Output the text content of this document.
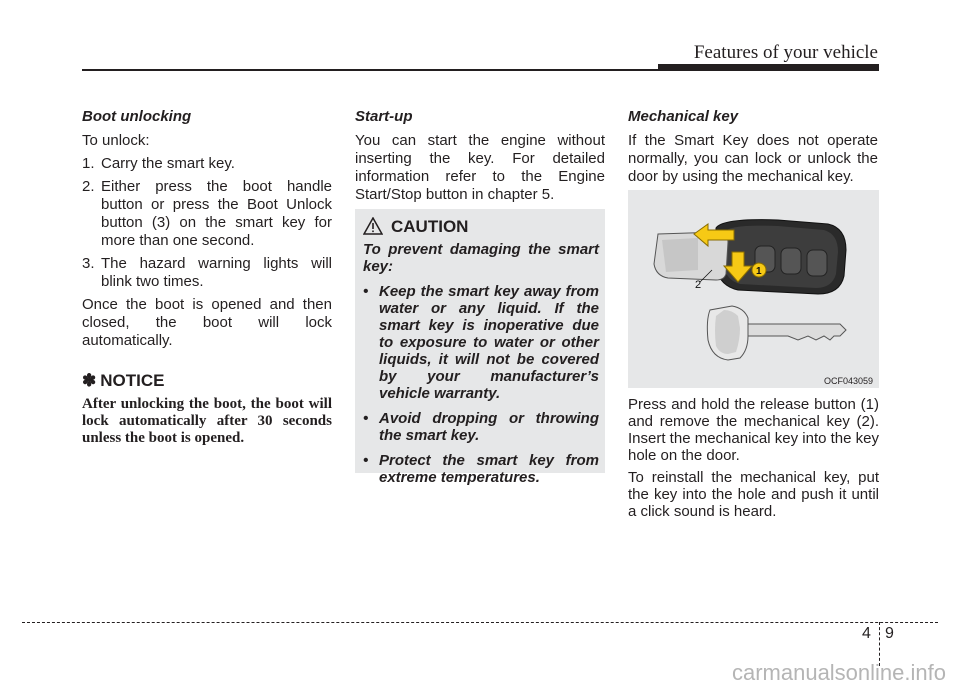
Features of your vehicle
Boot unlocking

To unlock:

1. Carry the smart key.
2. Either press the boot handle button or press the Boot Unlock button (3) on the smart key for more than one second.
3. The hazard warning lights will blink two times.

Once the boot is opened and then closed, the boot will lock automatically.

✽ NOTICE
After unlocking the boot, the boot will lock automatically after 30 seconds unless the boot is opened.
Start-up

You can start the engine without inserting the key. For detailed information refer to the Engine Start/Stop button in chapter 5.

CAUTION

To prevent damaging the smart key:

• Keep the smart key away from water or any liquid. If the smart key is inoperative due to exposure to water or other liquids, it will not be covered by your manufacturer’s vehicle warranty.
• Avoid dropping or throwing the smart key.
• Protect the smart key from extreme temperatures.
Mechanical key

If the Smart Key does not operate normally, you can lock or unlock the door by using the mechanical key.

1
2
OCF043059

Press and hold the release button (1) and remove the mechanical key (2). Insert the mechanical key into the key hole on the door.

To reinstall the mechanical key, put the key into the hole and push it until a click sound is heard.

4 9
carmanualsonline.info
